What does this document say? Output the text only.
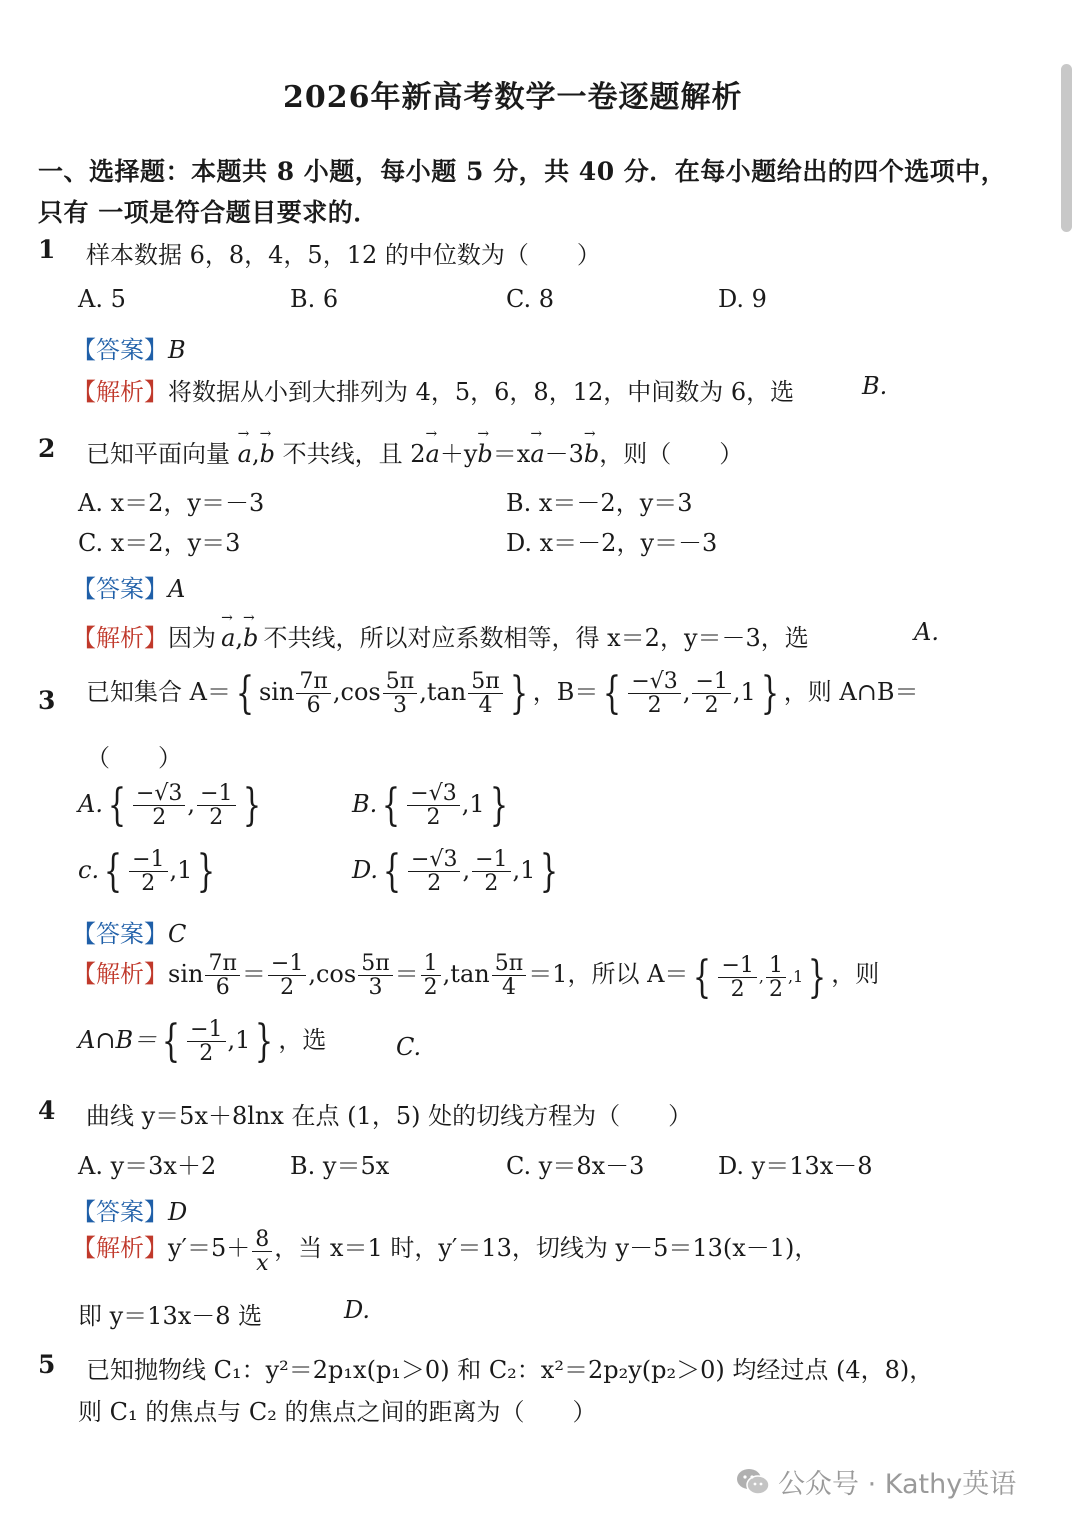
2026年新高考数学一卷逐题解析
一、选择题：本题共 8 小题，每小题 5 分，共 40 分．在每小题给出的四个选项中，
只有 一项是符合题目要求的．
1 样本数据 6，8，4，5，12 的中位数为（　　）
A. 5	B. 6	C. 8	D. 9
【答案】B
【解析】将数据从小到大排列为 4，5，6，8，12，中间数为 6，选	B.
2 已知平面向量 → a,→ b 不共线，且 2→ a＋y→ b＝x→ a－3→ b，则（　　）
A. x＝2，y＝－3	B. x＝－2，y＝3
C. x＝2，y＝3	D. x＝－2，y＝－3
【答案】A
【解析】因为 → a,→ b 不共线，所以对应系数相等，得 x＝2，y＝－3，选	A.
3 已知集合 A＝ { $\sin \frac{7\pi}{6} ,\cos \frac{5\pi}{3} ,\tan \frac{5\pi}{4}$ } ，B＝ { $\frac{-√3}{2}$ , $\frac{-1}{2} ,1$ } ，则 A∩B＝
（　　）
A. { $\frac{-√3}{2}$ , $\frac{-1}{2}$ }	B. { $\frac{-√3}{2} ,1$ }
c. { $\frac{-1}{2} ,1$ }	D. { $\frac{-√3}{2}$ , $\frac{-1}{2} ,1$ }
【答案】C
【解析】$\sin \frac{7\pi}{6} = \frac{-1}{2} ,\cos \frac{5\pi}{3} = \frac{1}{2} ,\tan \frac{5\pi}{4} =1$，所以 A＝ { $\frac{-1}{2}$ , $\frac{1}{2} ,1$ } ，则
A∩B＝ { $\frac{-1}{2} ,1$ } ，选	C.
4 曲线 y＝5x＋8lnx 在点 (1，5) 处的切线方程为（　　）
A. y＝3x＋2	B. y＝5x	C. y＝8x－3	D. y＝13x－8
【答案】D
【解析】$y'=5+ \frac{8}{x}$ ，当 x＝1 时，y′＝13，切线为 y－5＝13(x－1)，
即 y＝13x－8 选	D.
5 已知抛物线 C₁：y²＝2p₁x(p₁＞0) 和 C₂：x²＝2p₂y(p₂＞0) 均经过点 (4，8)，
则 C₁ 的焦点与 C₂ 的焦点之间的距离为（　　）
公众号 · Kathy英语
